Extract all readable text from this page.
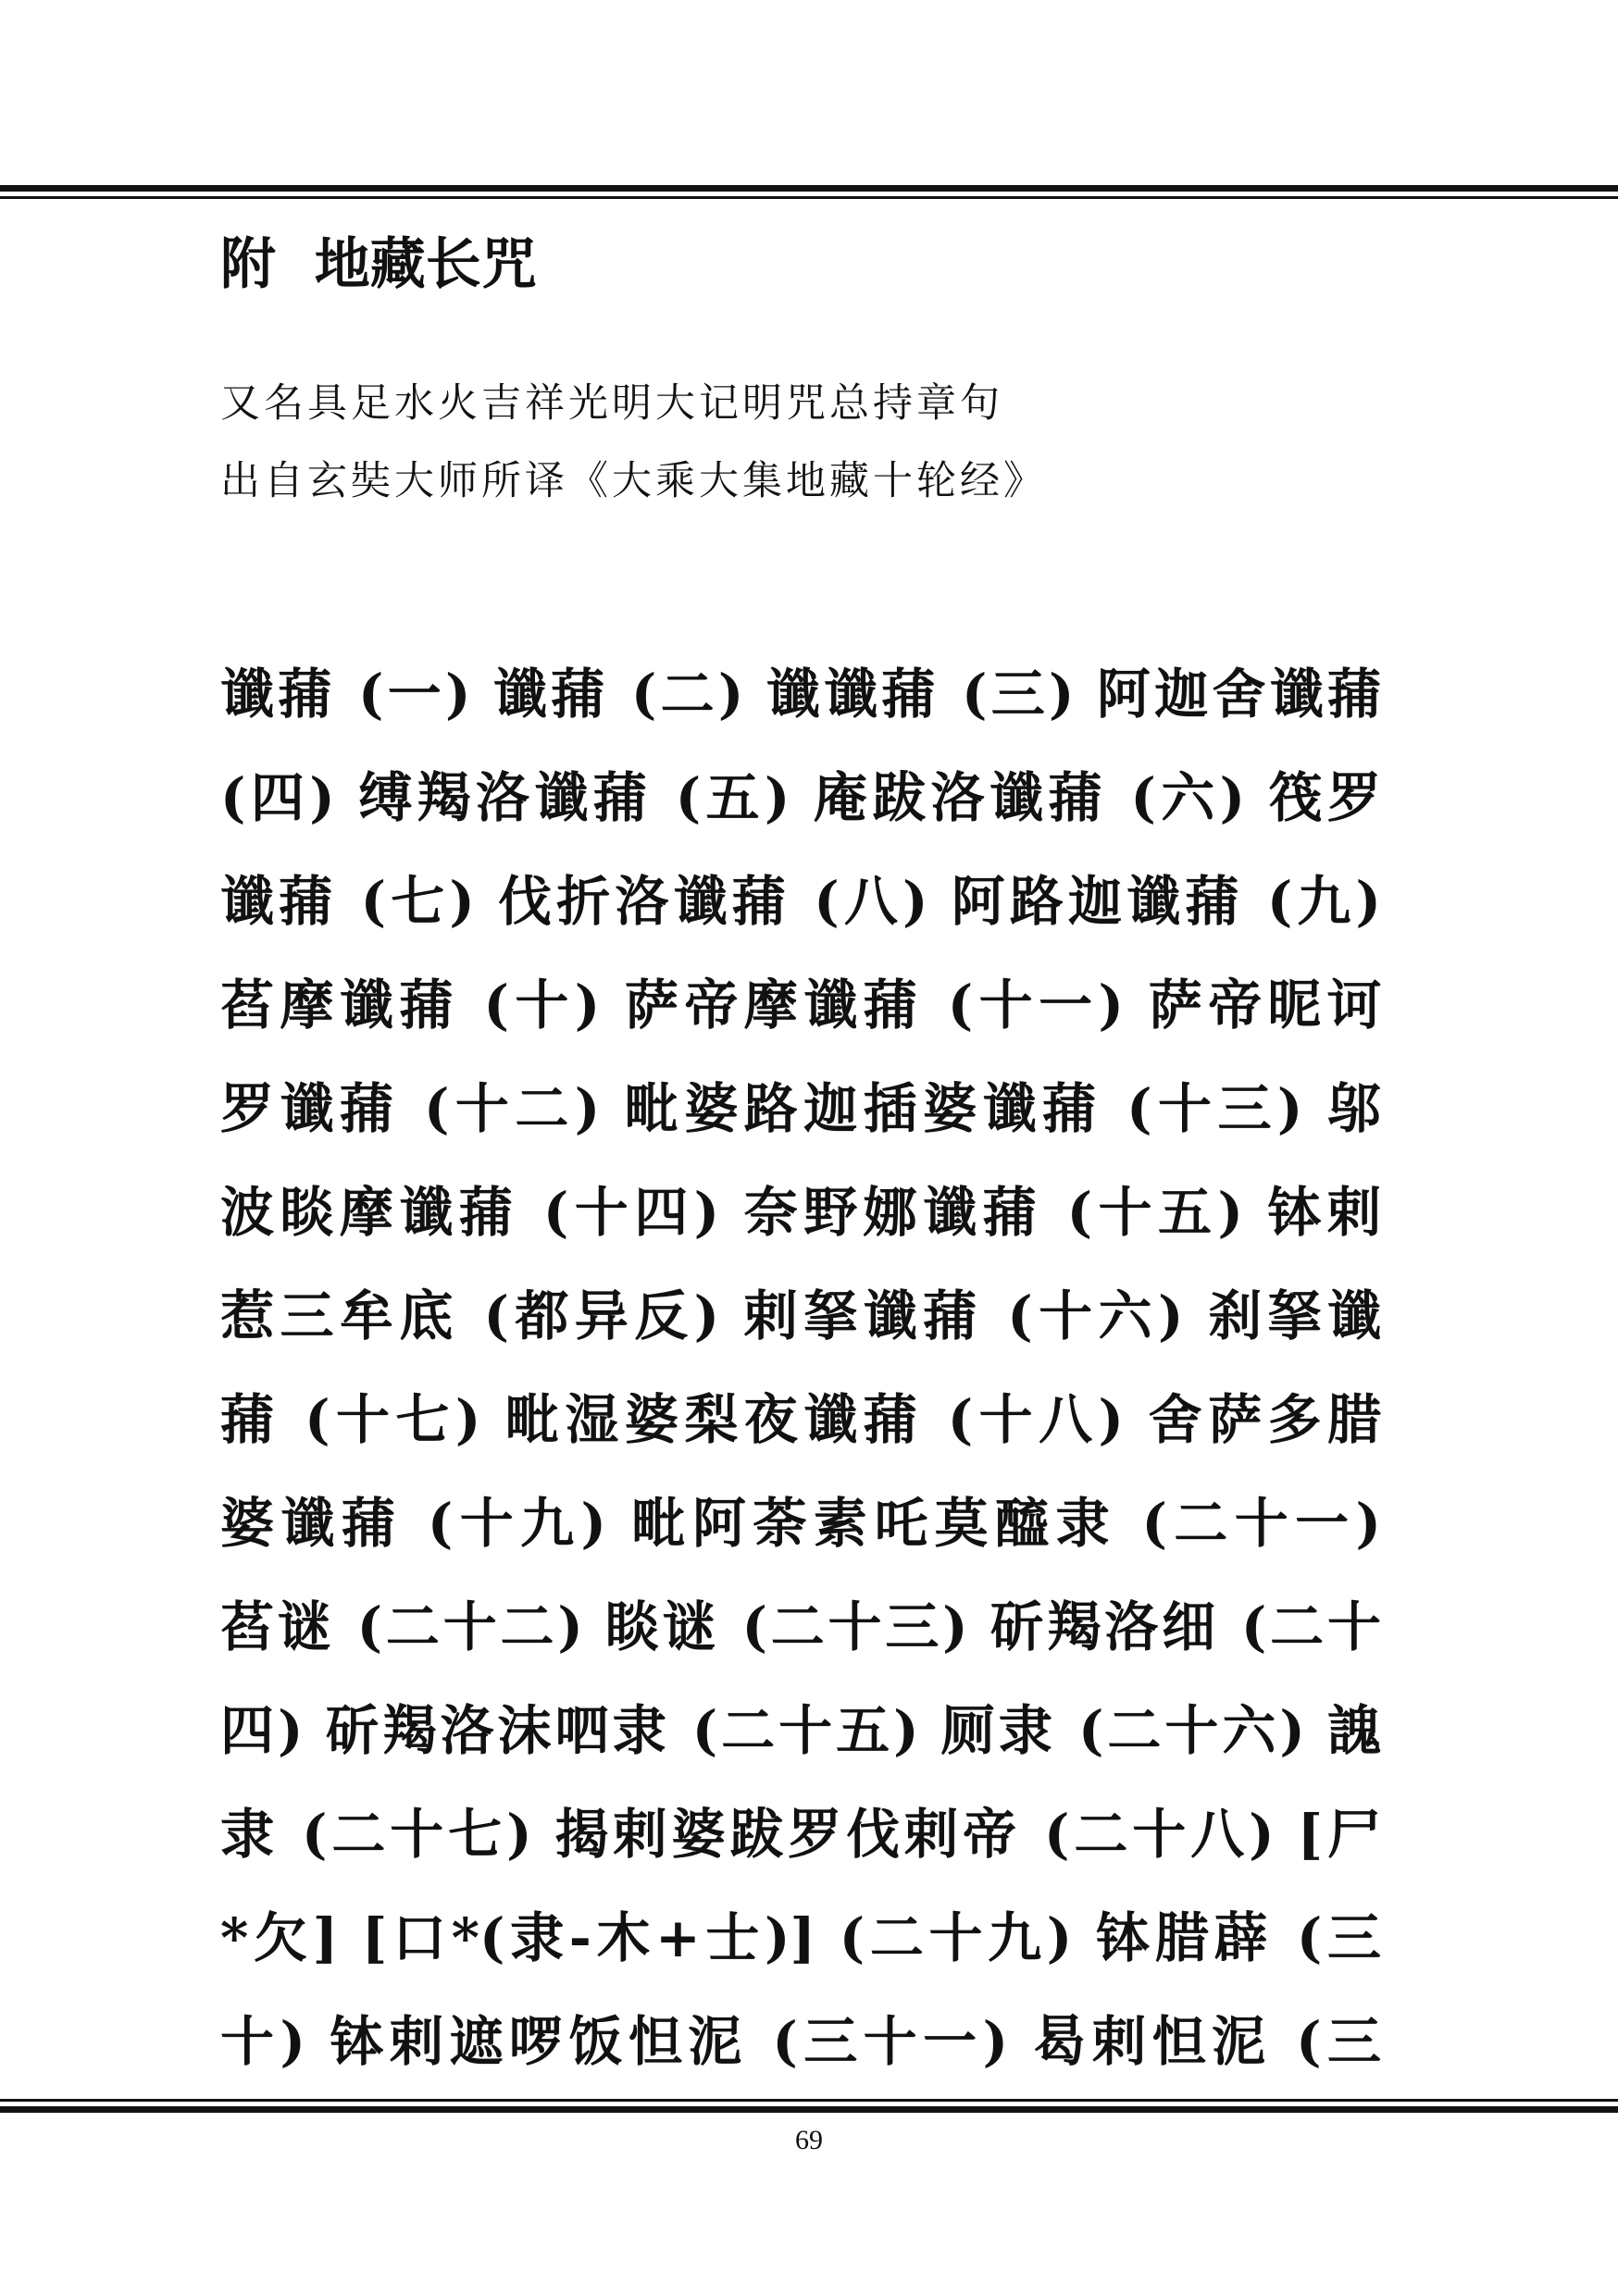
附  地藏长咒
又名具足水火吉祥光明大记明咒总持章句
出自玄奘大师所译《大乘大集地藏十轮经》
谶蒱 (一) 谶蒱 (二) 谶谶蒱 (三) 阿迦舍谶蒱
(四) 缚羯洛谶蒱 (五) 庵跋洛谶蒱 (六) 筏罗
谶蒱 (七) 伐折洛谶蒱 (八) 阿路迦谶蒱 (九)
萏摩谶蒱 (十) 萨帝摩谶蒱 (十一) 萨帝昵诃
罗谶蒱 (十二) 毗婆路迦插婆谶蒱 (十三) 邬
波睒摩谶蒱 (十四) 奈野娜谶蒱 (十五) 钵剌
惹三牟底 (都异反) 剌拏谶蒱 (十六) 刹拏谶
蒱 (十七) 毗湿婆梨夜谶蒱 (十八) 舍萨多腊
婆谶蒱 (十九) 毗阿荼素吒莫醯隶 (二十一)
萏谜 (二十二) 睒谜 (二十三) 斫羯洛细 (二十
四) 斫羯洛沫呬隶 (二十五) 厕隶 (二十六) 謉
隶 (二十七) 揭剌婆跋罗伐剌帝 (二十八) [尸
*欠] [口*(隶-木+士)] (二十九) 钵腊薜 (三
十) 钵剌遮啰饭怛泥 (三十一) 曷剌怛泥 (三
69
